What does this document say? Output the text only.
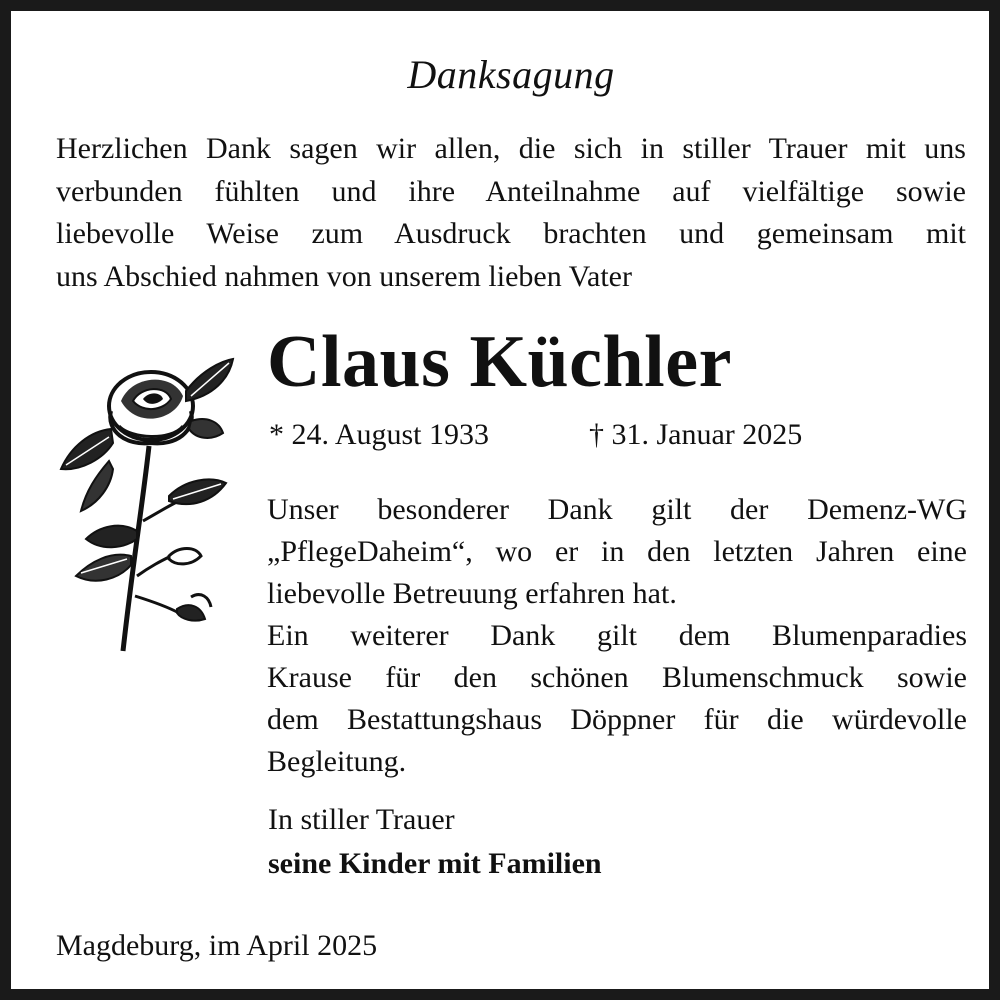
Danksagung
Herzlichen Dank sagen wir allen, die sich in stiller Trauer mit uns
verbunden fühlten und ihre Anteilnahme auf vielfältige sowie
liebevolle Weise zum Ausdruck brachten und gemeinsam mit
uns Abschied nahmen von unserem lieben Vater
Claus Küchler
* 24. August 1933	† 31. Januar 2025
Unser besonderer Dank gilt der Demenz-WG
„PflegeDaheim“, wo er in den letzten Jahren eine
liebevolle Betreuung erfahren hat.
Ein weiterer Dank gilt dem Blumenparadies
Krause für den schönen Blumenschmuck sowie
dem Bestattungshaus Döppner für die würdevolle
Begleitung.
In stiller Trauer
seine Kinder mit Familien
Magdeburg, im April 2025
